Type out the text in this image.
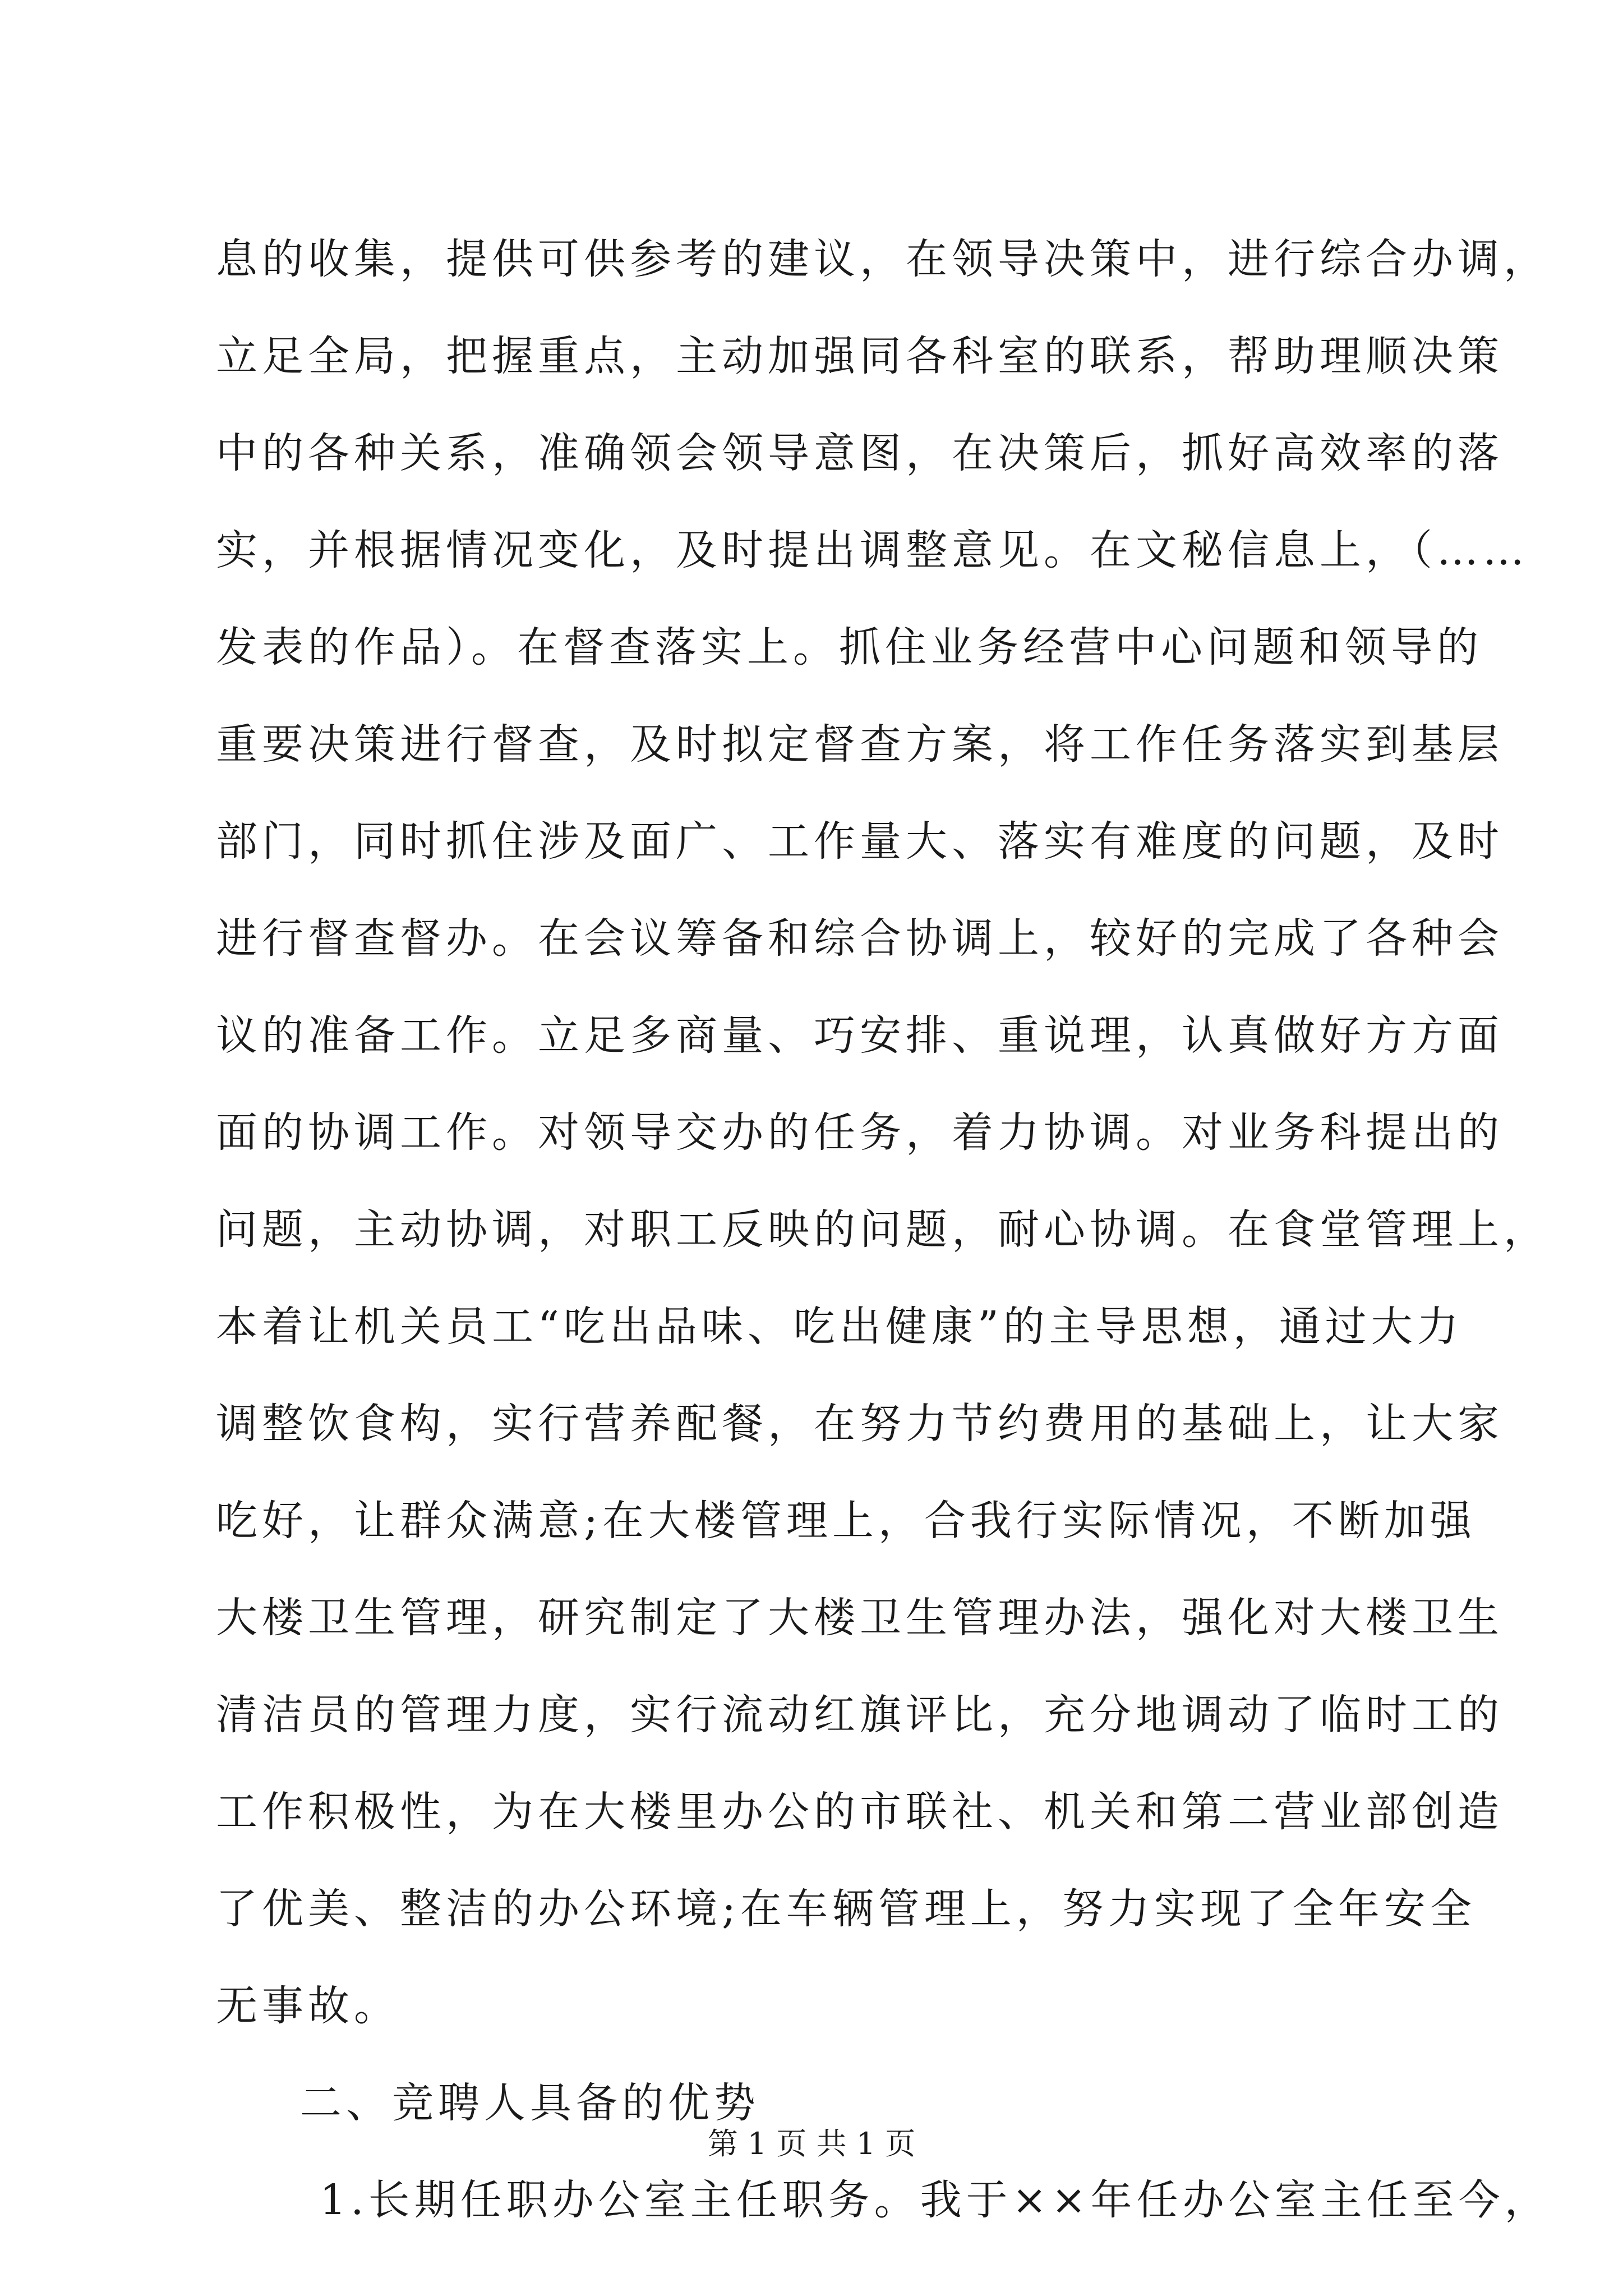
息的收集，提供可供参考的建议，在领导决策中，进行综合办调，
立足全局，把握重点，主动加强同各科室的联系，帮助理顺决策
中的各种关系，准确领会领导意图，在决策后，抓好高效率的落
实，并根据情况变化，及时提出调整意见。在文秘信息上，（……
发表的作品）。在督查落实上。抓住业务经营中心问题和领导的
重要决策进行督查，及时拟定督查方案，将工作任务落实到基层
部门，同时抓住涉及面广、工作量大、落实有难度的问题，及时
进行督查督办。在会议筹备和综合协调上，较好的完成了各种会
议的准备工作。立足多商量、巧安排、重说理，认真做好方方面
面的协调工作。对领导交办的任务，着力协调。对业务科提出的
问题，主动协调，对职工反映的问题，耐心协调。在食堂管理上，
本着让机关员工“吃出品味、吃出健康”的主导思想，通过大力
调整饮食构，实行营养配餐，在努力节约费用的基础上，让大家
吃好，让群众满意;在大楼管理上，合我行实际情况，不断加强
大楼卫生管理，研究制定了大楼卫生管理办法，强化对大楼卫生
清洁员的管理力度，实行流动红旗评比，充分地调动了临时工的
工作积极性，为在大楼里办公的市联社、机关和第二营业部创造
了优美、整洁的办公环境;在车辆管理上，努力实现了全年安全
无事故。
二、竞聘人具备的优势
1.长期任职办公室主任职务。我于××年任办公室主任至今，
第 1 页 共 1 页
